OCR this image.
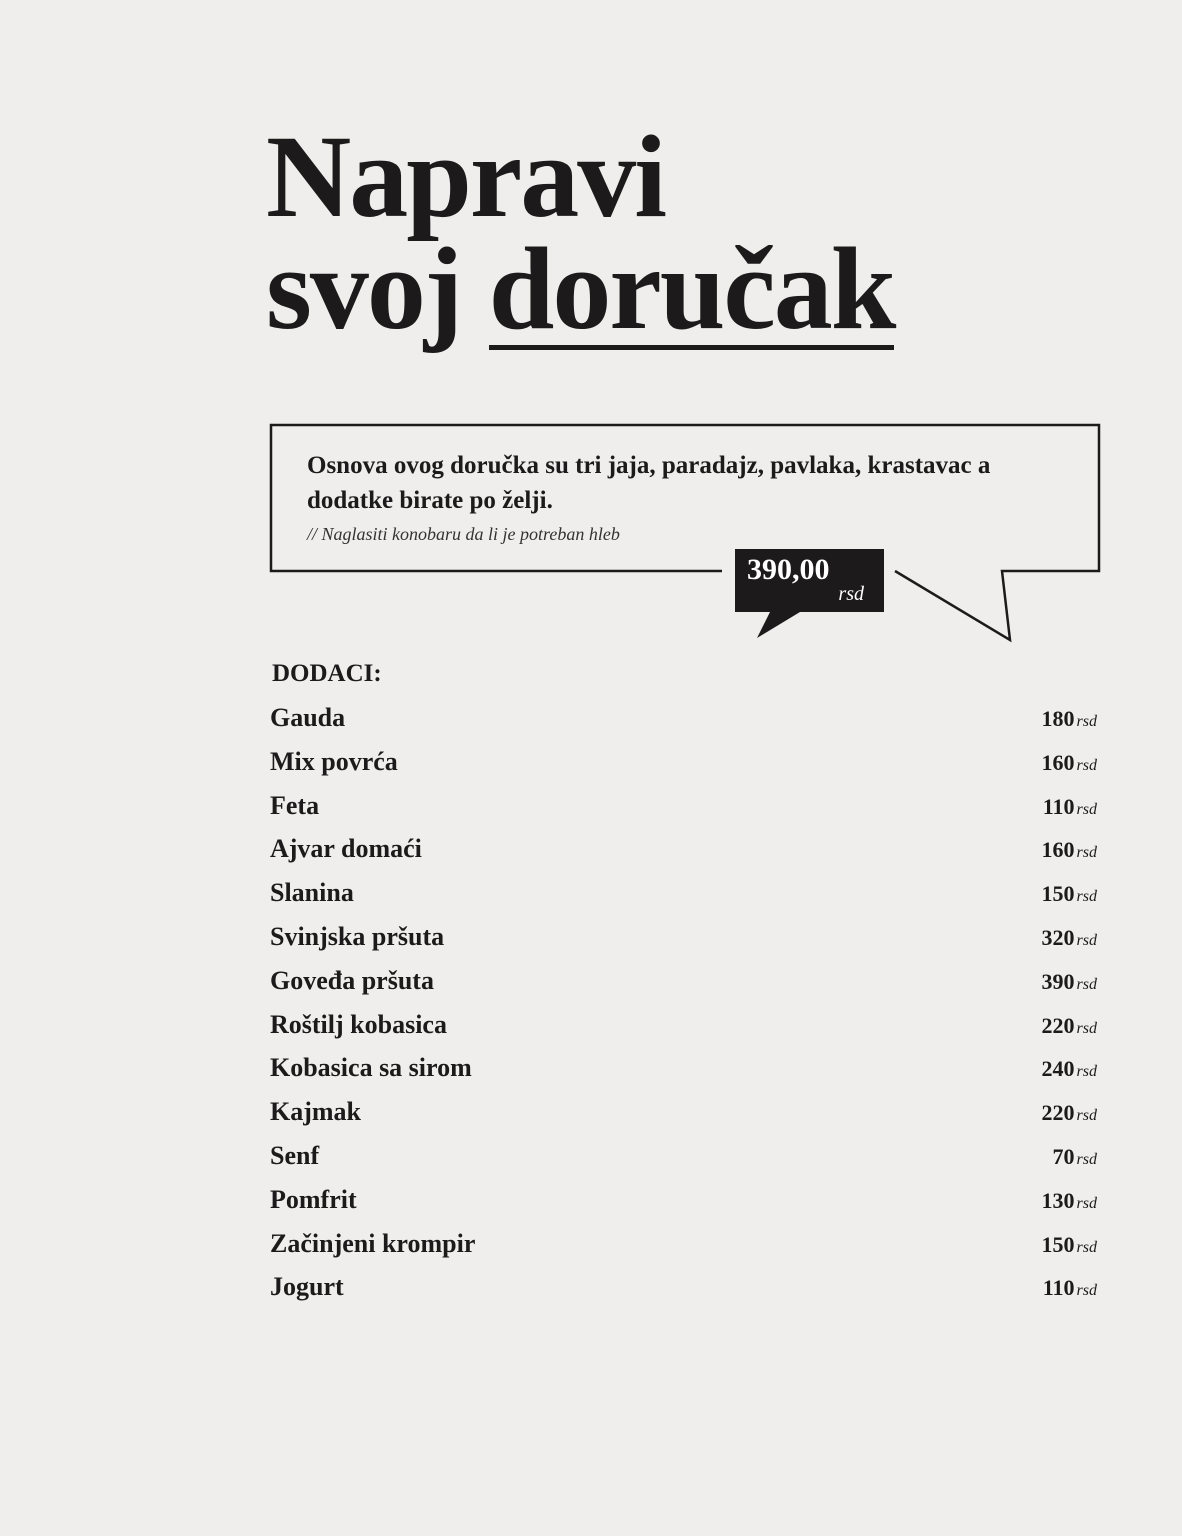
Napravi
svoj doručak
Osnova ovog doručka su tri jaja, paradajz, pavlaka, krastavac a dodatke birate po želji.
// Naglasiti konobaru da li je potreban hleb
390,00
rsd
DODACI:
Gauda	180 rsd
Mix povrća	160 rsd
Feta	110 rsd
Ajvar domaći	160 rsd
Slanina	150 rsd
Svinjska pršuta	320 rsd
Goveđa pršuta	390 rsd
Roštilj kobasica	220 rsd
Kobasica sa sirom	240 rsd
Kajmak	220 rsd
Senf	70 rsd
Pomfrit	130 rsd
Začinjeni krompir	150 rsd
Jogurt	110 rsd
